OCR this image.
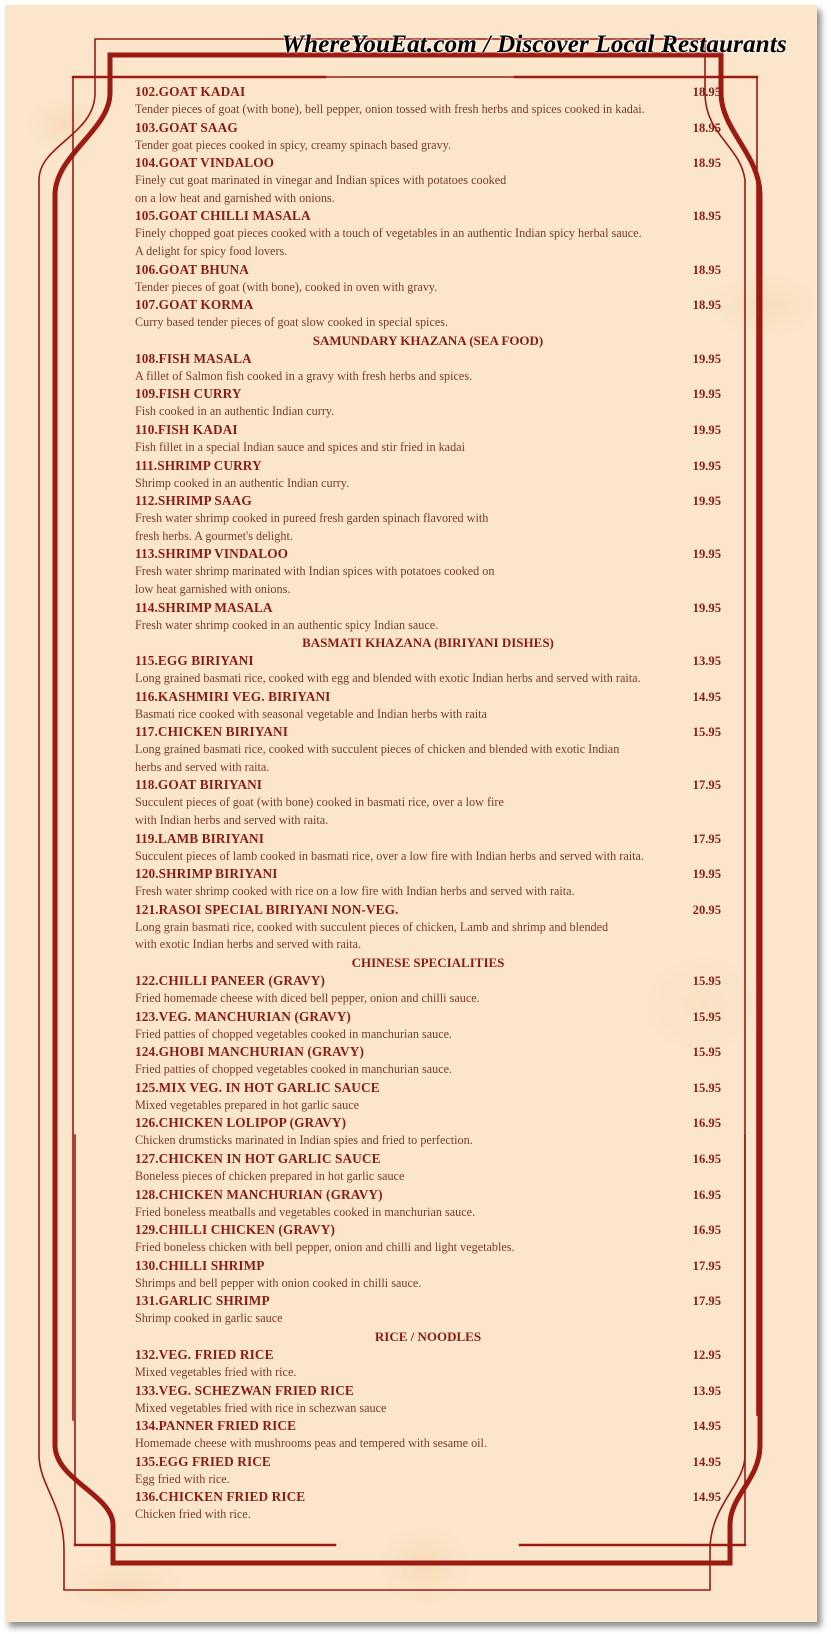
WhereYouEat.com / Discover Local Restaurants
102.GOAT KADAI	18.95
Tender pieces of goat (with bone), bell pepper, onion tossed with fresh herbs and spices cooked in kadai.
103.GOAT SAAG	18.95
Tender goat pieces cooked in spicy, creamy spinach based gravy.
104.GOAT VINDALOO	18.95
Finely cut goat marinated in vinegar and Indian spices with potatoes cooked
on a low heat and garnished with onions.
105.GOAT CHILLI MASALA	18.95
Finely chopped goat pieces cooked with a touch of vegetables in an authentic Indian spicy herbal sauce.
A delight for spicy food lovers.
106.GOAT BHUNA	18.95
Tender pieces of goat (with bone), cooked in oven with gravy.
107.GOAT KORMA	18.95
Curry based tender pieces of goat slow cooked in special spices.
SAMUNDARY KHAZANA (SEA FOOD)
108.FISH MASALA	19.95
A fillet of Salmon fish cooked in a gravy with fresh herbs and spices.
109.FISH CURRY	19.95
Fish cooked in an authentic Indian curry.
110.FISH KADAI	19.95
Fish fillet in a special Indian sauce and spices and stir fried in kadai
111.SHRIMP CURRY	19.95
Shrimp cooked in an authentic Indian curry.
112.SHRIMP SAAG	19.95
Fresh water shrimp cooked in pureed fresh garden spinach flavored with
fresh herbs. A gourmet's delight.
113.SHRIMP VINDALOO	19.95
Fresh water shrimp marinated with Indian spices with potatoes cooked on
low heat garnished with onions.
114.SHRIMP MASALA	19.95
Fresh water shrimp cooked in an authentic spicy Indian sauce.
BASMATI KHAZANA (BIRIYANI DISHES)
115.EGG BIRIYANI	13.95
Long grained basmati rice, cooked with egg and blended with exotic Indian herbs and served with raita.
116.KASHMIRI VEG. BIRIYANI	14.95
Basmati rice cooked with seasonal vegetable and Indian herbs with raita
117.CHICKEN BIRIYANI	15.95
Long grained basmati rice, cooked with succulent pieces of chicken and blended with exotic Indian
herbs and served with raita.
118.GOAT BIRIYANI	17.95
Succulent pieces of goat (with bone) cooked in basmati rice, over a low fire
with Indian herbs and served with raita.
119.LAMB BIRIYANI	17.95
Succulent pieces of lamb cooked in basmati rice, over a low fire with Indian herbs and served with raita.
120.SHRIMP BIRIYANI	19.95
Fresh water shrimp cooked with rice on a low fire with Indian herbs and served with raita.
121.RASOI SPECIAL BIRIYANI NON-VEG.	20.95
Long grain basmati rice, cooked with succulent pieces of chicken, Lamb and shrimp and blended
with exotic Indian herbs and served with raita.
CHINESE SPECIALITIES
122.CHILLI PANEER (GRAVY)	15.95
Fried homemade cheese with diced bell pepper, onion and chilli sauce.
123.VEG. MANCHURIAN (GRAVY)	15.95
Fried patties of chopped vegetables cooked in manchurian sauce.
124.GHOBI MANCHURIAN (GRAVY)	15.95
Fried patties of chopped vegetables cooked in manchurian sauce.
125.MIX VEG. IN HOT GARLIC SAUCE	15.95
Mixed vegetables prepared in hot garlic sauce
126.CHICKEN LOLIPOP (GRAVY)	16.95
Chicken drumsticks marinated in Indian spies and fried to perfection.
127.CHICKEN IN HOT GARLIC SAUCE	16.95
Boneless pieces of chicken prepared in hot garlic sauce
128.CHICKEN MANCHURIAN (GRAVY)	16.95
Fried boneless meatballs and vegetables cooked in manchurian sauce.
129.CHILLI CHICKEN (GRAVY)	16.95
Fried boneless chicken with bell pepper, onion and chilli and light vegetables.
130.CHILLI SHRIMP	17.95
Shrimps and bell pepper with onion cooked in chilli sauce.
131.GARLIC SHRIMP	17.95
Shrimp cooked in garlic sauce
RICE / NOODLES
132.VEG. FRIED RICE	12.95
Mixed vegetables fried with rice.
133.VEG. SCHEZWAN FRIED RICE	13.95
Mixed vegetables fried with rice in schezwan sauce
134.PANNER FRIED RICE	14.95
Homemade cheese with mushrooms peas and tempered with sesame oil.
135.EGG FRIED RICE	14.95
Egg fried with rice.
136.CHICKEN FRIED RICE	14.95
Chicken fried with rice.
